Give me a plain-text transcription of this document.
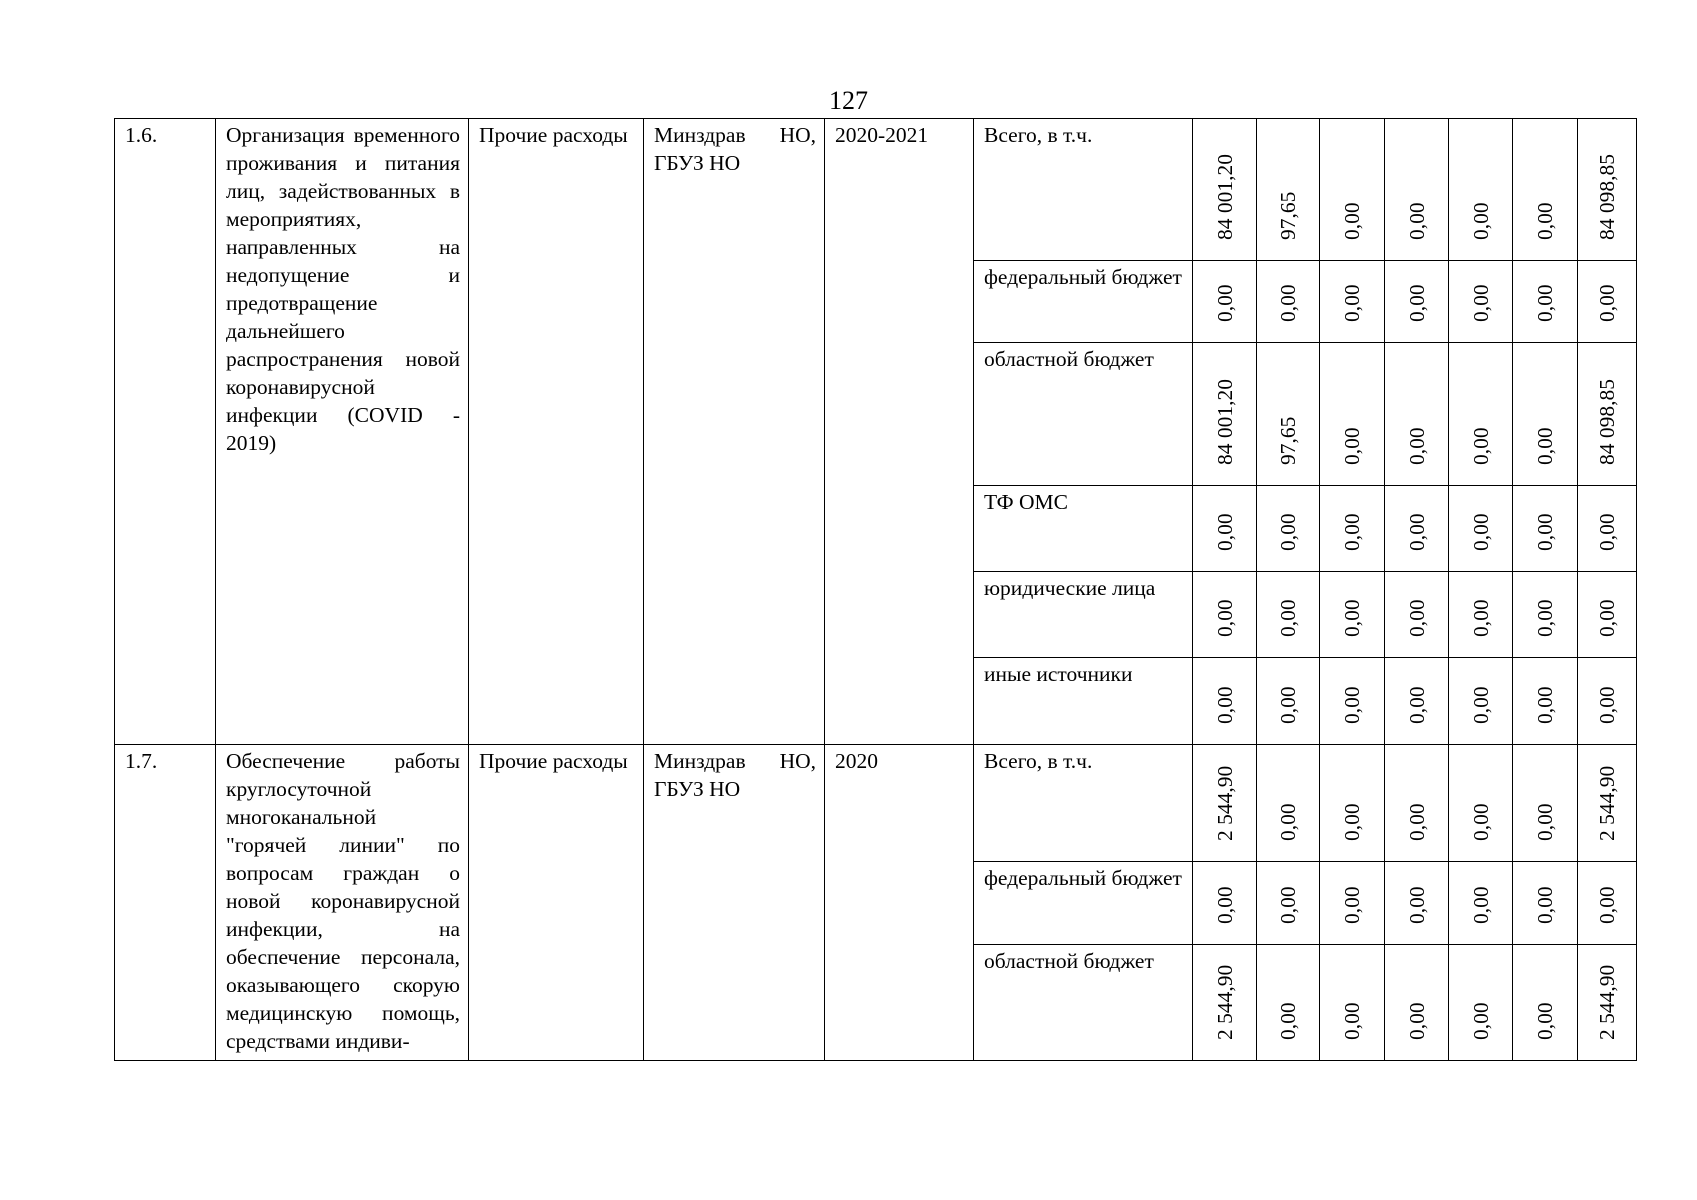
127
1.6.	Организация временного проживания и питания лиц, задействованных в мероприятиях, направленных на недопущение и предотвращение дальнейшего распространения новой коронавирусной инфекции (COVID - 2019)	Прочие расходы	Минздрав НО, ГБУЗ НО	2020-2021	Всего, в т.ч.	84 001,20	97,65	0,00	0,00	0,00	0,00	84 098,85

					федеральный бюджет	0,00	0,00	0,00	0,00	0,00	0,00	0,00

					областной бюджет	84 001,20	97,65	0,00	0,00	0,00	0,00	84 098,85

					ТФ ОМС	0,00	0,00	0,00	0,00	0,00	0,00	0,00

					юридические лица	0,00	0,00	0,00	0,00	0,00	0,00	0,00

					иные источники	0,00	0,00	0,00	0,00	0,00	0,00	0,00

1.7.	Обеспечение работы круглосуточной многоканальной "горячей линии" по вопросам граждан о новой коронавирусной инфекции, на обеспечение персонала, оказывающего скорую медицинскую помощь, средствами индиви-	Прочие расходы	Минздрав НО, ГБУЗ НО	2020	Всего, в т.ч.	2 544,90	0,00	0,00	0,00	0,00	0,00	2 544,90

					федеральный бюджет	0,00	0,00	0,00	0,00	0,00	0,00	0,00

					областной бюджет	2 544,90	0,00	0,00	0,00	0,00	0,00	2 544,90
